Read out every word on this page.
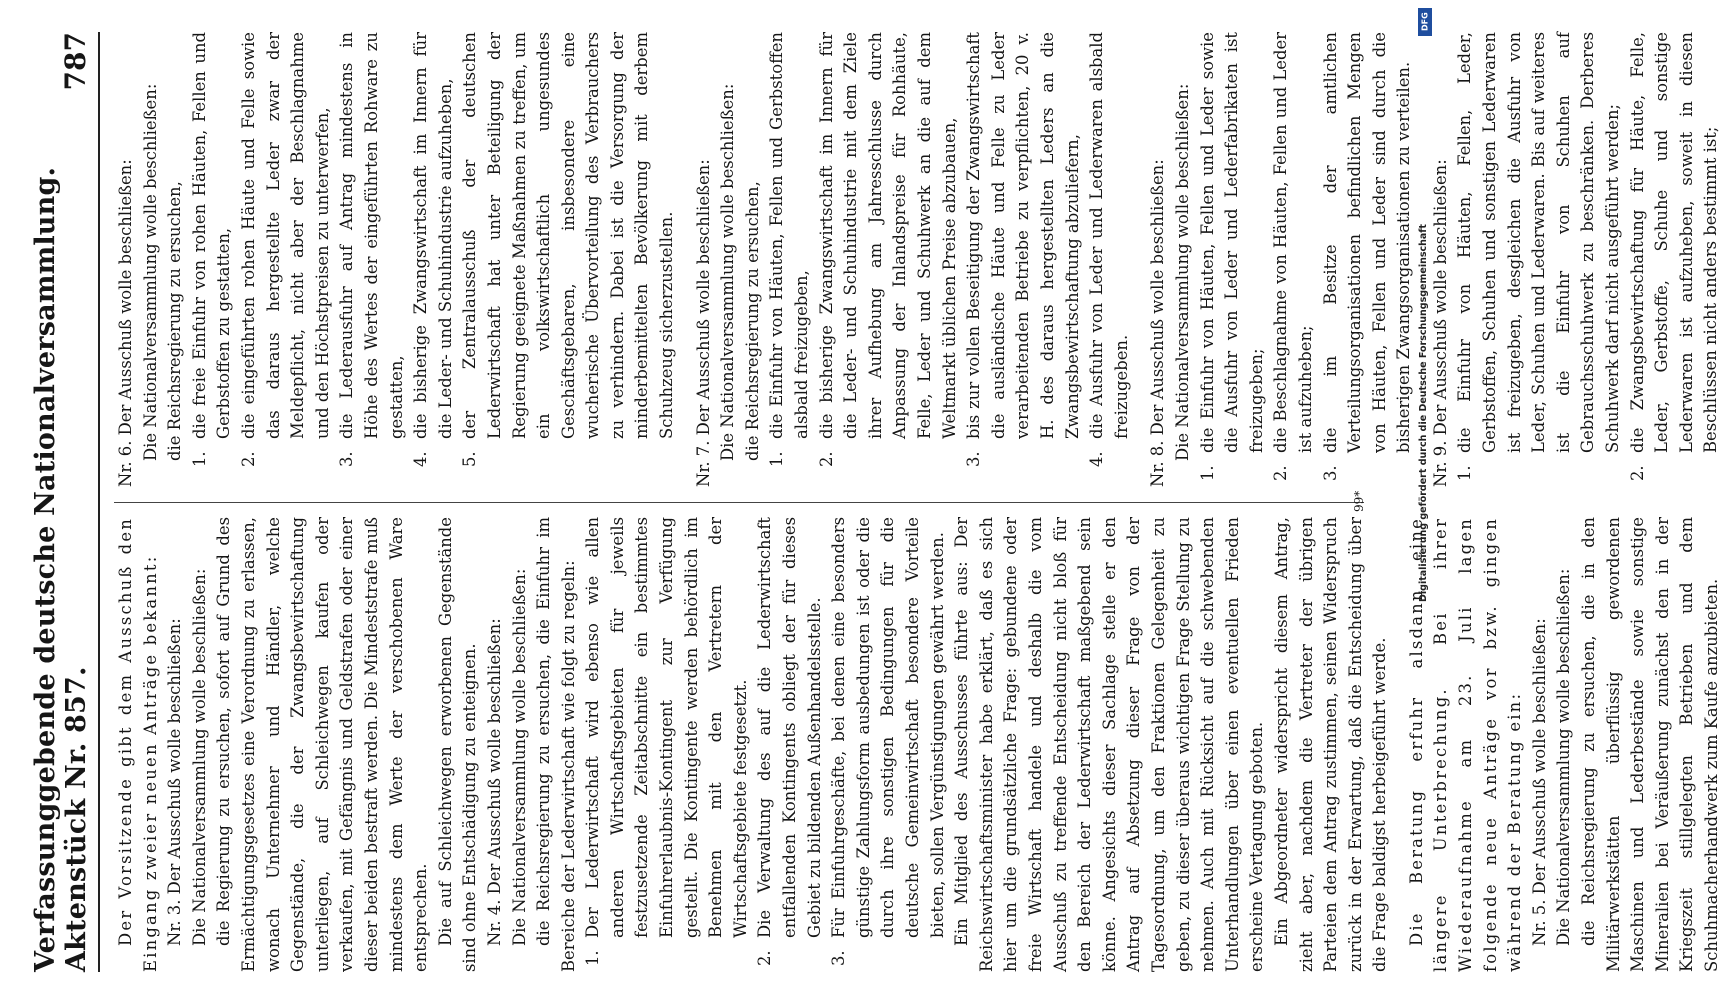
Verfassunggebende deutsche Nationalversammlung. Aktenstück Nr. 857.
787

Der Vorsitzende gibt dem Ausschuß den Eingang zweier neuen Anträge bekannt: Nr. 3. Der Ausschuß wolle beschließen: Die Nationalversammlung wolle beschließen: die Regierung zu ersuchen, sofort auf Grund des Ermächtigungsgesetzes eine Verordnung zu erlassen, wonach Unternehmer und Händler, welche Gegenstände, die der Zwangsbewirtschaftung unterliegen, auf Schleichwegen kaufen oder verkaufen, mit Gefängnis und Geldstrafen oder einer dieser beiden bestraft werden. Die Mindeststrafe muß mindestens dem Werte der verschobenen Ware entsprechen. Die auf Schleichwegen erworbenen Gegenstände sind ohne Entschädigung zu enteignen. Nr. 4. Der Ausschuß wolle beschließen: Die Nationalversammlung wolle beschließen: die Reichsregierung zu ersuchen, die Einfuhr im Bereiche der Lederwirtschaft wie folgt zu regeln: 1.
Der Lederwirtschaft wird ebenso wie allen anderen Wirtschaftsgebieten für jeweils festzusetzende Zeitabschnitte ein bestimmtes Einfuhrerlaubnis-Kontingent zur Verfügung gestellt. Die Kontingente werden behördlich im Benehmen mit den Vertretern der Wirtschaftsgebiete festgesetzt.
2.
Die Verwaltung des auf die Lederwirtschaft entfallenden Kontingents obliegt der für dieses Gebiet zu bildenden Außenhandelsstelle.
3.
Für Einfuhrgeschäfte, bei denen eine besonders günstige Zahlungsform ausbedungen ist oder die durch ihre sonstigen Bedingungen für die deutsche Gemeinwirtschaft besondere Vorteile bieten, sollen Vergünstigungen gewährt werden. Ein Mitglied des Ausschusses führte aus: Der Reichswirtschaftsminister habe erklärt, daß es sich hier um die grundsätzliche Frage: gebundene oder freie Wirtschaft handele und deshalb die vom Ausschuß zu treffende Entscheidung nicht bloß für den Bereich der Lederwirtschaft maßgebend sein könne. Angesichts dieser Sachlage stelle er den Antrag auf Absetzung dieser Frage von der Tagesordnung, um den Fraktionen Gelegenheit zu geben, zu dieser überaus wichtigen Frage Stellung zu nehmen. Auch mit Rücksicht auf die schwebenden Unterhandlungen über einen eventuellen Frieden erscheine Vertagung geboten. Ein Abgeordneter widerspricht diesem Antrag, zieht aber, nachdem die Vertreter der übrigen Parteien dem Antrag zustimmen, seinen Widerspruch zurück in der Erwartung, daß die Entscheidung über die Frage baldigst herbeigeführt werde. Die Beratung erfuhr alsdann eine längere Unterbrechung. Bei ihrer Wiederaufnahme am 23. Juli lagen folgende neue Anträge vor bzw. gingen während der Beratung ein: Nr. 5. Der Ausschuß wolle beschließen: Die Nationalversammlung wolle beschließen: die Reichsregierung zu ersuchen, die in den Militärwerkstätten überflüssig gewordenen Maschinen und Lederbestände sowie sonstige Mineralien bei Veräußerung zunächst den in der Kriegszeit stillgelegten Betrieben und dem Schuhmacherhandwerk zum Kaufe anzubieten.

Nr. 6. Der Ausschuß wolle beschließen: Die Nationalversammlung wolle beschließen: die Reichsregierung zu ersuchen, 1.
die freie Einfuhr von rohen Häuten, Fellen und Gerbstoffen zu gestatten,
2.
die eingeführten rohen Häute und Felle sowie das daraus hergestellte Leder zwar der Meldepflicht, nicht aber der Beschlagnahme und den Höchstpreisen zu unterwerfen,
3.
die Lederausfuhr auf Antrag mindestens in Höhe des Wertes der eingeführten Rohware zu gestatten,
4.
die bisherige Zwangswirtschaft im Innern für die Leder- und Schuhindustrie aufzuheben,
5.
der Zentralausschuß der deutschen Lederwirtschaft hat unter Beteiligung der Regierung geeignete Maßnahmen zu treffen, um ein volkswirtschaftlich ungesundes Geschäftsgebaren, insbesondere eine wucherische Übervorteilung des Verbrauchers zu verhindern. Dabei ist die Versorgung der minderbemittelten Bevölkerung mit derbem Schuhzeug sicherzustellen.

Nr. 7. Der Ausschuß wolle beschließen: Die Nationalversammlung wolle beschließen: die Reichsregierung zu ersuchen, 1.
die Einfuhr von Häuten, Fellen und Gerbstoffen alsbald freizugeben,
2.
die bisherige Zwangswirtschaft im Innern für die Leder- und Schuhindustrie mit dem Ziele ihrer Aufhebung am Jahresschlusse durch Anpassung der Inlandspreise für Rohhäute, Felle, Leder und Schuhwerk an die auf dem Weltmarkt üblichen Preise abzubauen,
3.
bis zur vollen Beseitigung der Zwangswirtschaft die ausländische Häute und Felle zu Leder verarbeitenden Betriebe zu verpflichten, 20 v. H. des daraus hergestellten Leders an die Zwangsbewirtschaftung abzuliefern,
4.
die Ausfuhr von Leder und Lederwaren alsbald freizugeben.

Nr. 8. Der Ausschuß wolle beschließen: Die Nationalversammlung wolle beschließen:

1.
die Einfuhr von Häuten, Fellen und Leder sowie die Ausfuhr von Leder und Lederfabrikaten ist freizugeben;
2.
die Beschlagnahme von Häuten, Fellen und Leder ist aufzuheben;
3.
die im Besitze der amtlichen Verteilungsorganisationen befindlichen Mengen von Häuten, Fellen und Leder sind durch die bisherigen Zwangsorganisationen zu verteilen.

Nr. 9. Der Ausschuß wolle beschließen:

1.
die Einfuhr von Häuten, Fellen, Leder, Gerbstoffen, Schuhen und sonstigen Lederwaren ist freizugeben, desgleichen die Ausfuhr von Leder, Schuhen und Lederwaren. Bis auf weiteres ist die Einfuhr von Schuhen auf Gebrauchsschuhwerk zu beschränken. Derberes Schuhwerk darf nicht ausgeführt werden;
2.
die Zwangsbewirtschaftung für Häute, Felle, Leder, Gerbstoffe, Schuhe und sonstige Lederwaren ist aufzuheben, soweit in diesen Beschlüssen nicht anders bestimmt ist;
99*
DFG
Digitalisierung gefördert durch die Deutsche Forschungsgemeinschaft
